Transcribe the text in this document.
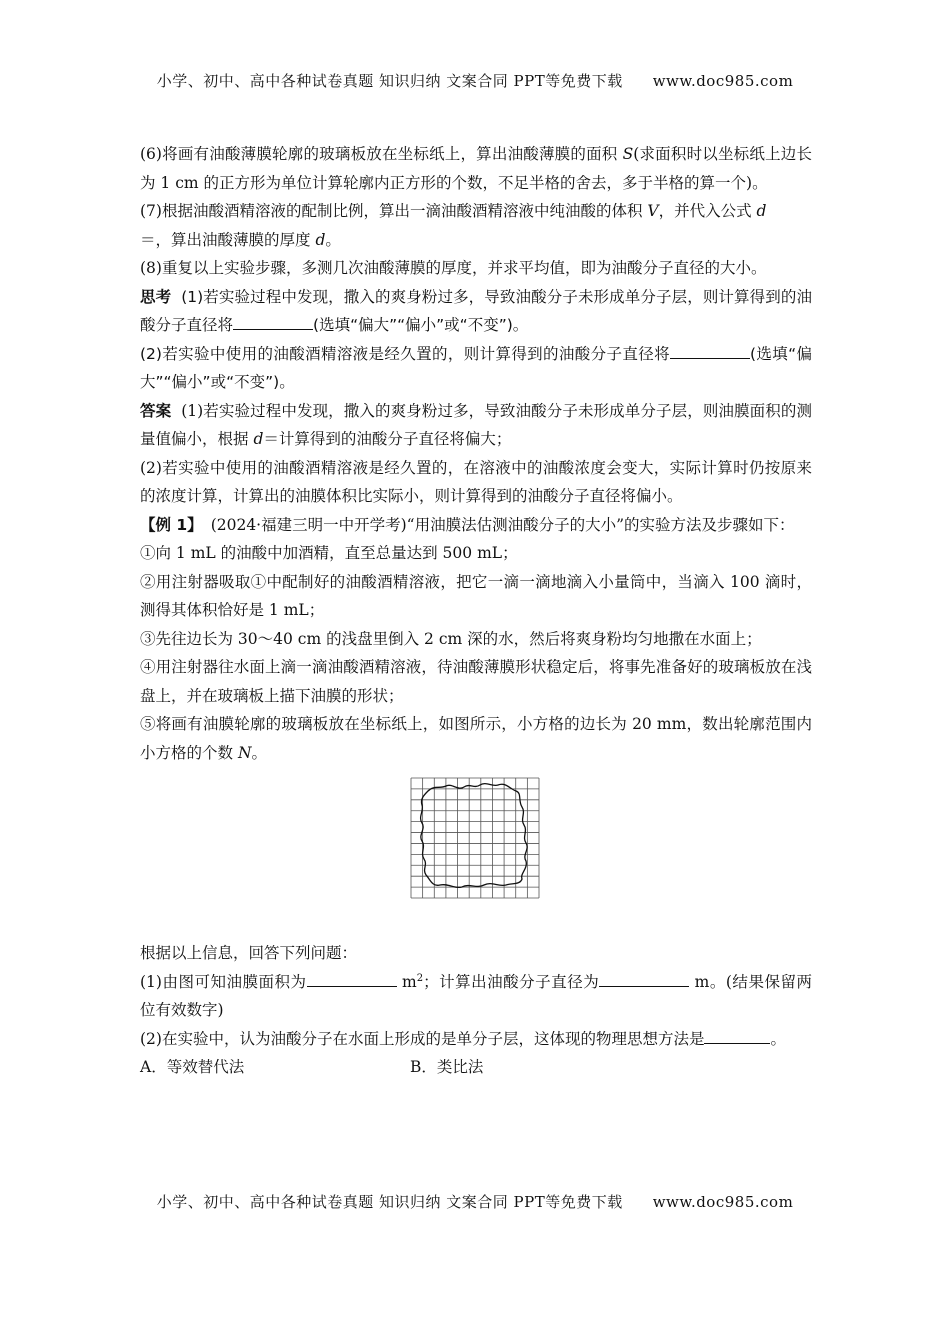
小学、初中、高中各种试卷真题 知识归纳 文案合同 PPT等免费下载 www.doc985.com

(6)将画有油酸薄膜轮廓的玻璃板放在坐标纸上，算出油酸薄膜的面积 S(求面积时以坐标纸上边长为 1 cm 的正方形为单位计算轮廓内正方形的个数，不足半格的舍去，多于半格的算一个)。

(7)根据油酸酒精溶液的配制比例，算出一滴油酸酒精溶液中纯油酸的体积 V，并代入公式 d
＝，算出油酸薄膜的厚度 d。

(8)重复以上实验步骤，多测几次油酸薄膜的厚度，并求平均值，即为油酸分子直径的大小。

思考 (1)若实验过程中发现，撒入的爽身粉过多，导致油酸分子未形成单分子层，则计算得到的油酸分子直径将	(选填“偏大”“偏小”或“不变”)。

(2)若实验中使用的油酸酒精溶液是经久置的，则计算得到的油酸分子直径将	(选填“偏大”“偏小”或“不变”)。

答案 (1)若实验过程中发现，撒入的爽身粉过多，导致油酸分子未形成单分子层，则油膜面积的测量值偏小，根据 d＝计算得到的油酸分子直径将偏大；

(2)若实验中使用的油酸酒精溶液是经久置的，在溶液中的油酸浓度会变大，实际计算时仍按原来的浓度计算，计算出的油膜体积比实际小，则计算得到的油酸分子直径将偏小。

【例 1】 (2024·福建三明一中开学考)“用油膜法估测油酸分子的大小”的实验方法及步骤如下：

①向 1 mL 的油酸中加酒精，直至总量达到 500 mL；

②用注射器吸取①中配制好的油酸酒精溶液，把它一滴一滴地滴入小量筒中，当滴入 100 滴时，测得其体积恰好是 1 mL；

③先往边长为 30～40 cm 的浅盘里倒入 2 cm 深的水，然后将爽身粉均匀地撒在水面上；

④用注射器往水面上滴一滴油酸酒精溶液，待油酸薄膜形状稳定后，将事先准备好的玻璃板放在浅盘上，并在玻璃板上描下油膜的形状；

⑤将画有油膜轮廓的玻璃板放在坐标纸上，如图所示，小方格的边长为 20 mm，数出轮廓范围内小方格的个数 N。

根据以上信息，回答下列问题：

(1)由图可知油膜面积为	$m^2$；计算出油酸分子直径为	m。(结果保留两位有效数字)

(2)在实验中，认为油酸分子在水面上形成的是单分子层，这体现的物理思想方法是	。

A．等效替代法	B．类比法
小学、初中、高中各种试卷真题 知识归纳 文案合同 PPT等免费下载 www.doc985.com
